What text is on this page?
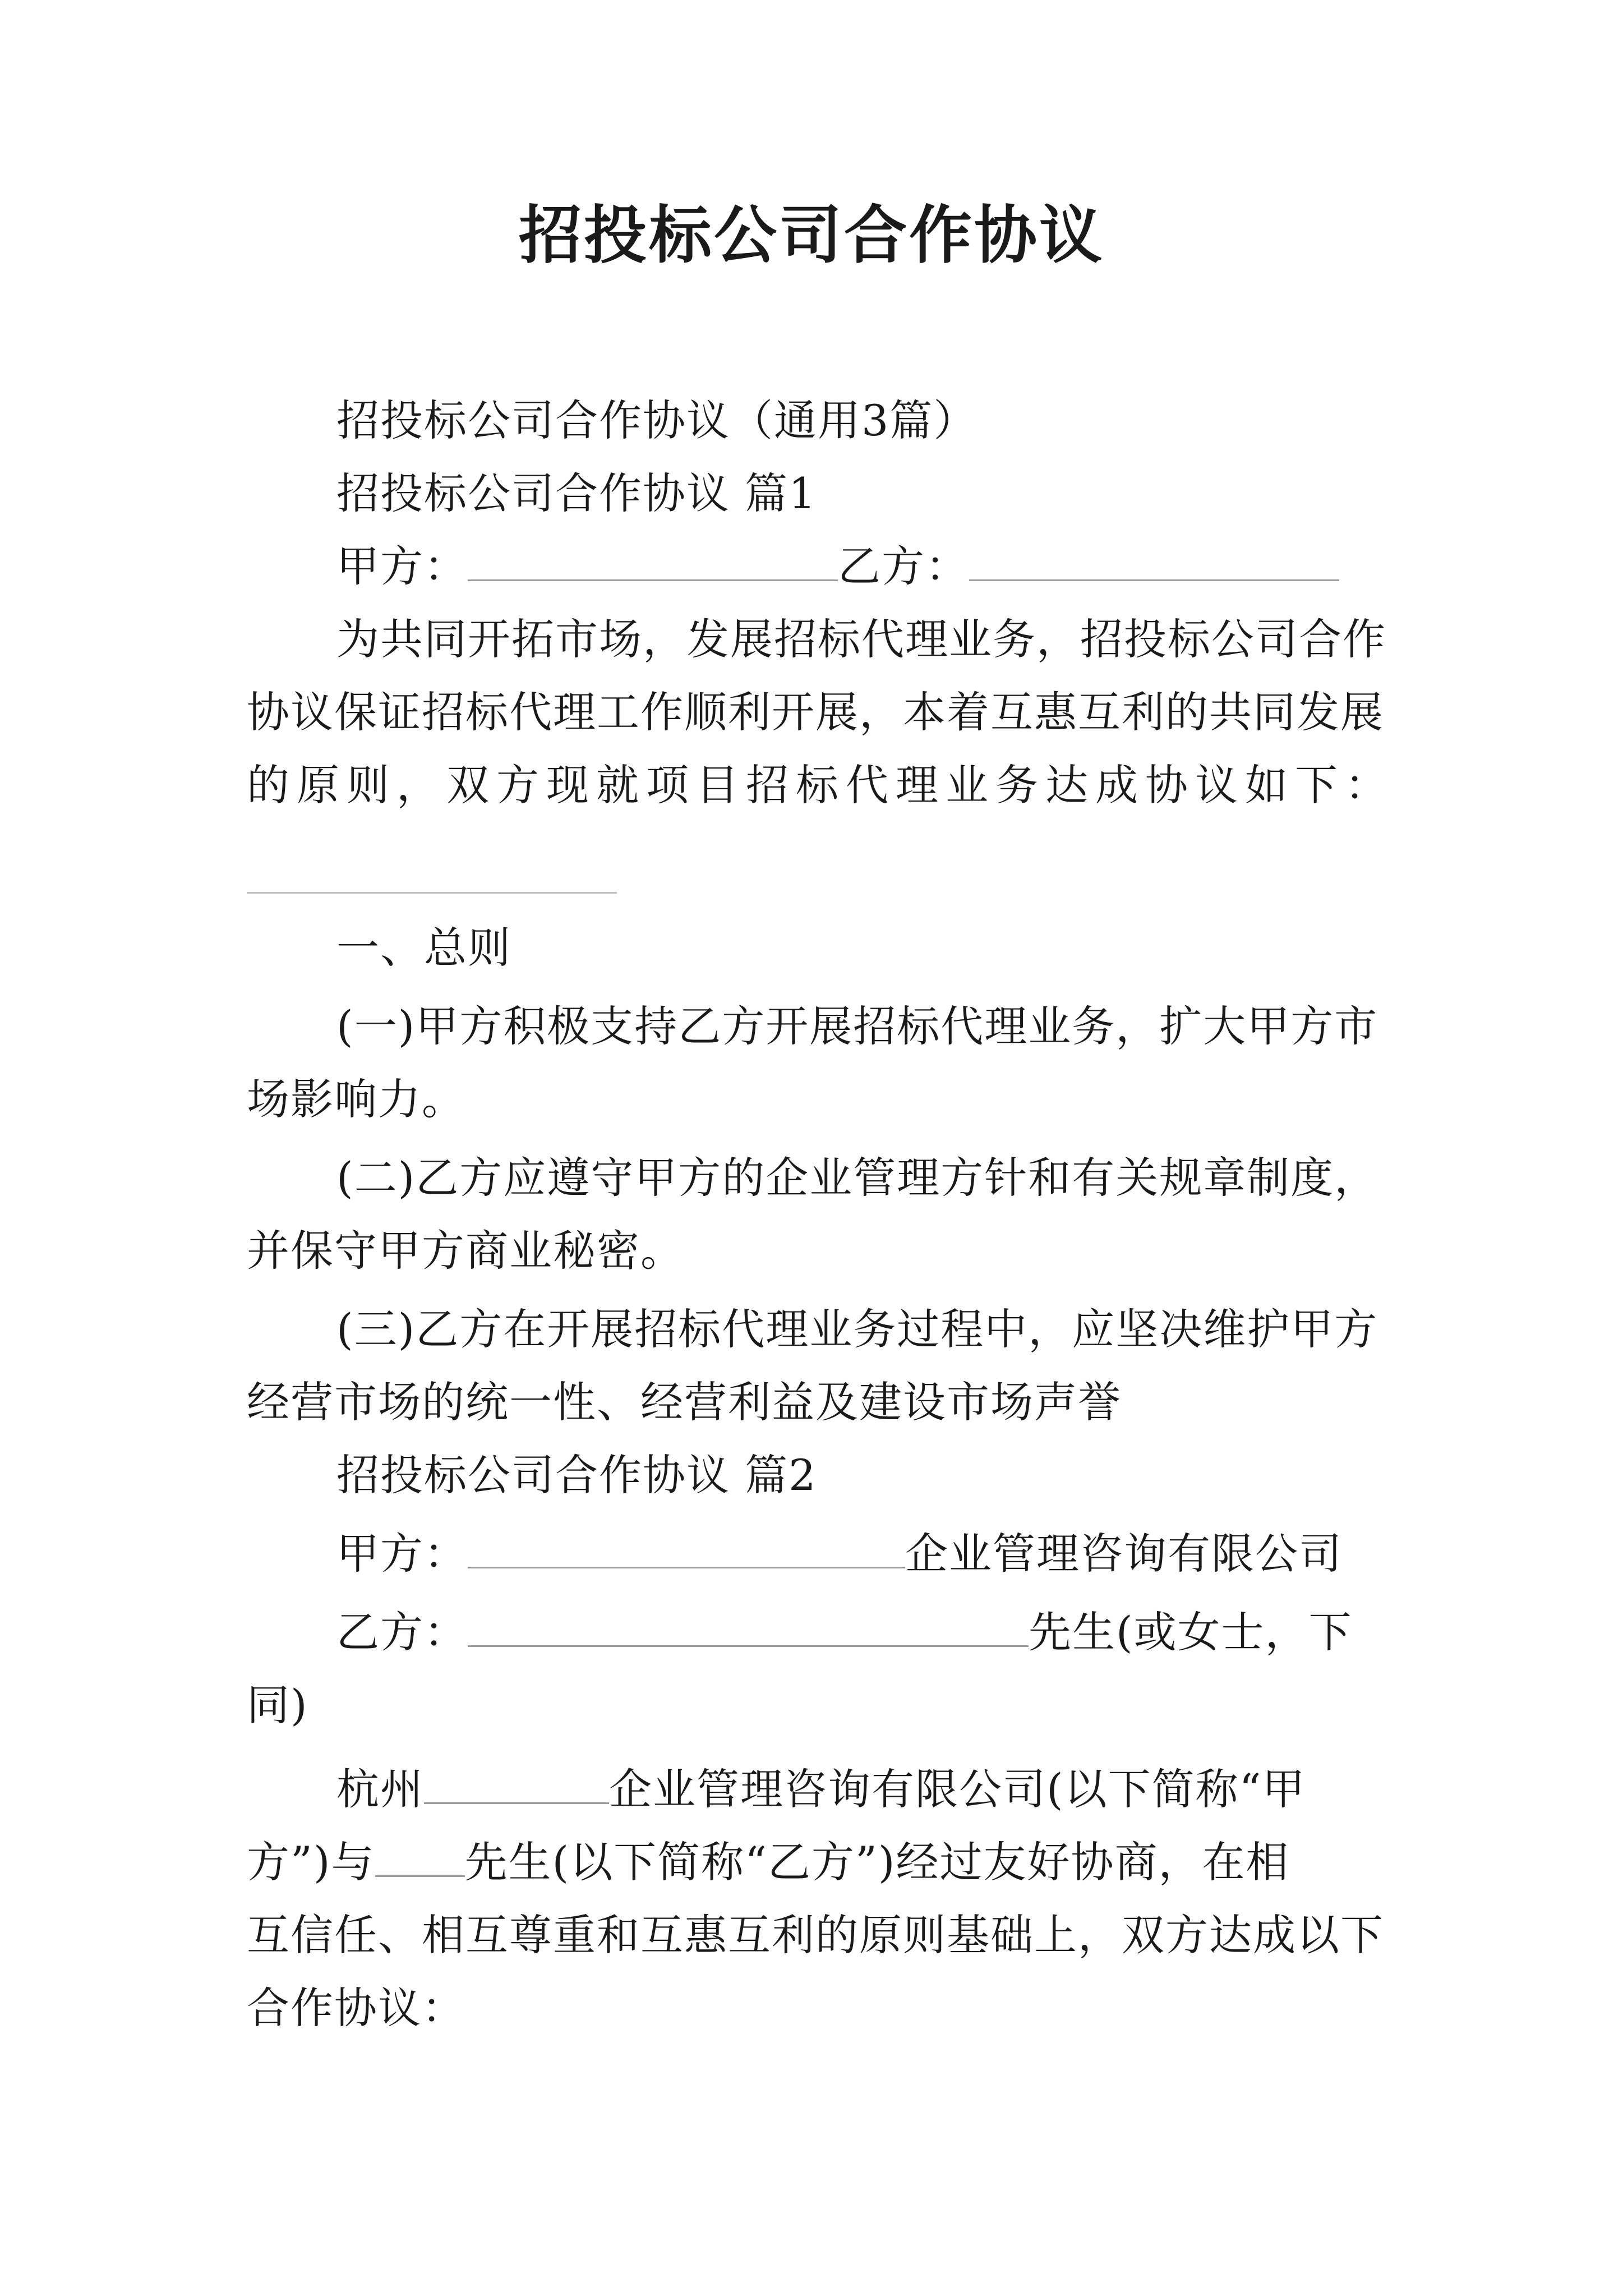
招投标公司合作协议
招投标公司合作协议（通用3篇）
招投标公司合作协议 篇1
甲方：	乙方：
为共同开拓市场，发展招标代理业务，招投标公司合作
协议保证招标代理工作顺利开展，本着互惠互利的共同发展
的原则，双方现就项目招标代理业务达成协议如下：
一、总则
(一)甲方积极支持乙方开展招标代理业务，扩大甲方市
场影响力。
(二)乙方应遵守甲方的企业管理方针和有关规章制度，
并保守甲方商业秘密。
(三)乙方在开展招标代理业务过程中，应坚决维护甲方
经营市场的统一性、经营利益及建设市场声誉
招投标公司合作协议 篇2
甲方：	企业管理咨询有限公司
乙方：	先生(或女士，下
同)
杭州	企业管理咨询有限公司(以下简称“甲
方”)与 先生(以下简称“乙方”)经过友好协商，在相
互信任、相互尊重和互惠互利的原则基础上，双方达成以下
合作协议：
